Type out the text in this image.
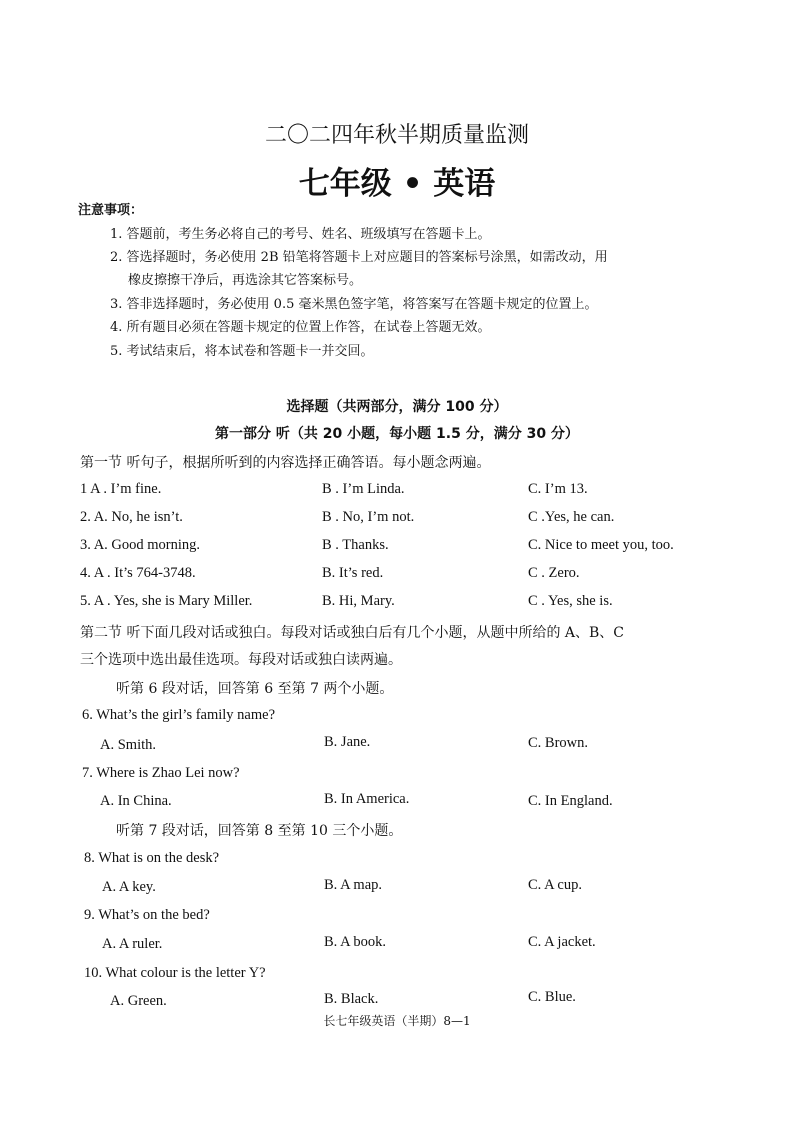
二〇二四年秋半期质量监测
七年级 • 英语
注意事项：
1. 答题前，考生务必将自己的考号、姓名、班级填写在答题卡上。
2. 答选择题时，务必使用 2B 铅笔将答题卡上对应题目的答案标号涂黑，如需改动，用
橡皮擦擦干净后，再选涂其它答案标号。
3. 答非选择题时，务必使用 0.5 毫米黑色签字笔，将答案写在答题卡规定的位置上。
4. 所有题目必须在答题卡规定的位置上作答，在试卷上答题无效。
5. 考试结束后，将本试卷和答题卡一并交回。
选择题（共两部分，满分 100 分）
第一部分 听（共 20 小题，每小题 1.5 分，满分 30 分）
第一节 听句子，根据所听到的内容选择正确答语。每小题念两遍。
1 A . I’m fine.	B . I’m Linda.	C. I’m 13.
2. A. No, he isn’t.	B . No, I’m not.	C .Yes, he can.
3. A. Good morning.	B . Thanks.	C. Nice to meet you, too.
4. A . It’s 764-3748.	B. It’s red.	C . Zero.
5. A . Yes, she is Mary Miller.	B. Hi, Mary.	C . Yes, she is.
第二节 听下面几段对话或独白。每段对话或独白后有几个小题，从题中所给的 A、B、C
三个选项中选出最佳选项。每段对话或独白读两遍。
听第 6 段对话，回答第 6 至第 7 两个小题。
6. What’s the girl’s family name?
A. Smith.	B. Jane.	C. Brown.
7. Where is Zhao Lei now?
A. In China.	B. In America.	C. In England.
听第 7 段对话，回答第 8 至第 10 三个小题。
8. What is on the desk?
A. A key.	B. A map.	C. A cup.
9. What’s on the bed?
A. A ruler.	B. A book.	C. A jacket.
10. What colour is the letter Y?
A. Green.	B. Black.	C. Blue.
长七年级英语（半期）8—1
